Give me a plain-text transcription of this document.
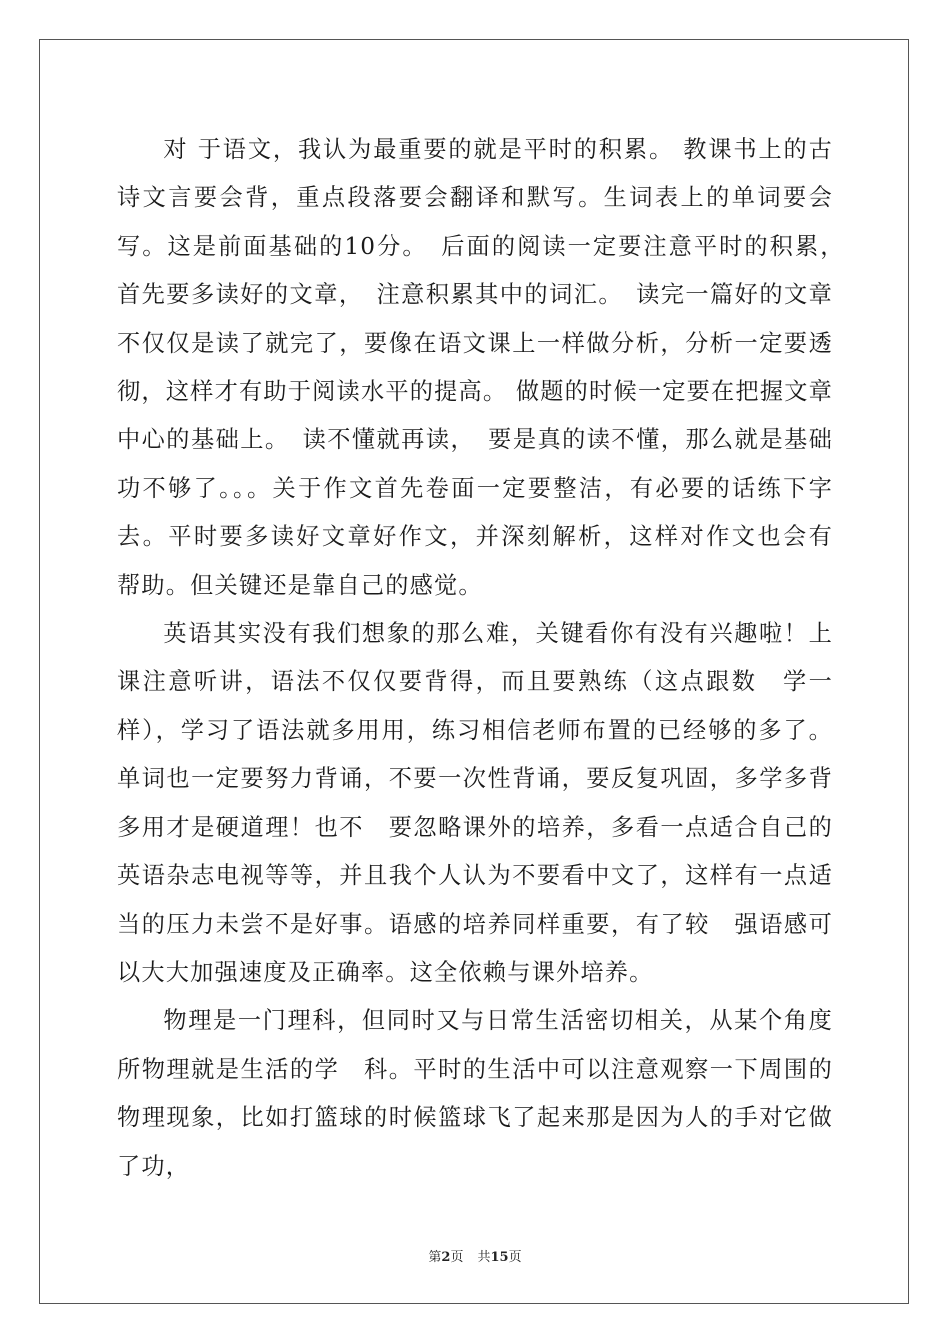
对 于语文，我认为最重要的就是平时的积累。 教课书上的古诗文言要会背，重点段落要会翻译和默写。生词表上的单词要会写。这是前面基础的10分。　后面的阅读一定要注意平时的积累，　首先要多读好的文章，　注意积累其中的词汇。　读完一篇好的文章不仅仅是读了就完了，要像在语文课上一样做分析，分析一定要透彻，这样才有助于阅读水平的提高。 做题的时候一定要在把握文章中心的基础上。　读不懂就再读，　要是真的读不懂，那么就是基础功不够了。。。关于作文首先卷面一定要整洁，有必要的话练下字去。平时要多读好文章好作文，并深刻解析，这样对作文也会有　帮助。但关键还是靠自己的感觉。

英语其实没有我们想象的那么难，关键看你有没有兴趣啦！上课注意听讲，语法不仅仅要背得，而且要熟练（这点跟数　学一样），学习了语法就多用用，练习相信老师布置的已经够的多了。单词也一定要努力背诵，不要一次性背诵，要反复巩固，多学多背多用才是硬道理！也不　要忽略课外的培养，多看一点适合自己的英语杂志电视等等，并且我个人认为不要看中文了，这样有一点适当的压力未尝不是好事。语感的培养同样重要，有了较　强语感可以大大加强速度及正确率。这全依赖与课外培养。

物理是一门理科，但同时又与日常生活密切相关，从某个角度所物理就是生活的学　科。平时的生活中可以注意观察一下周围的物理现象，比如打篮球的时候篮球飞了起来那是因为人的手对它做了功，

第2页 共15页
